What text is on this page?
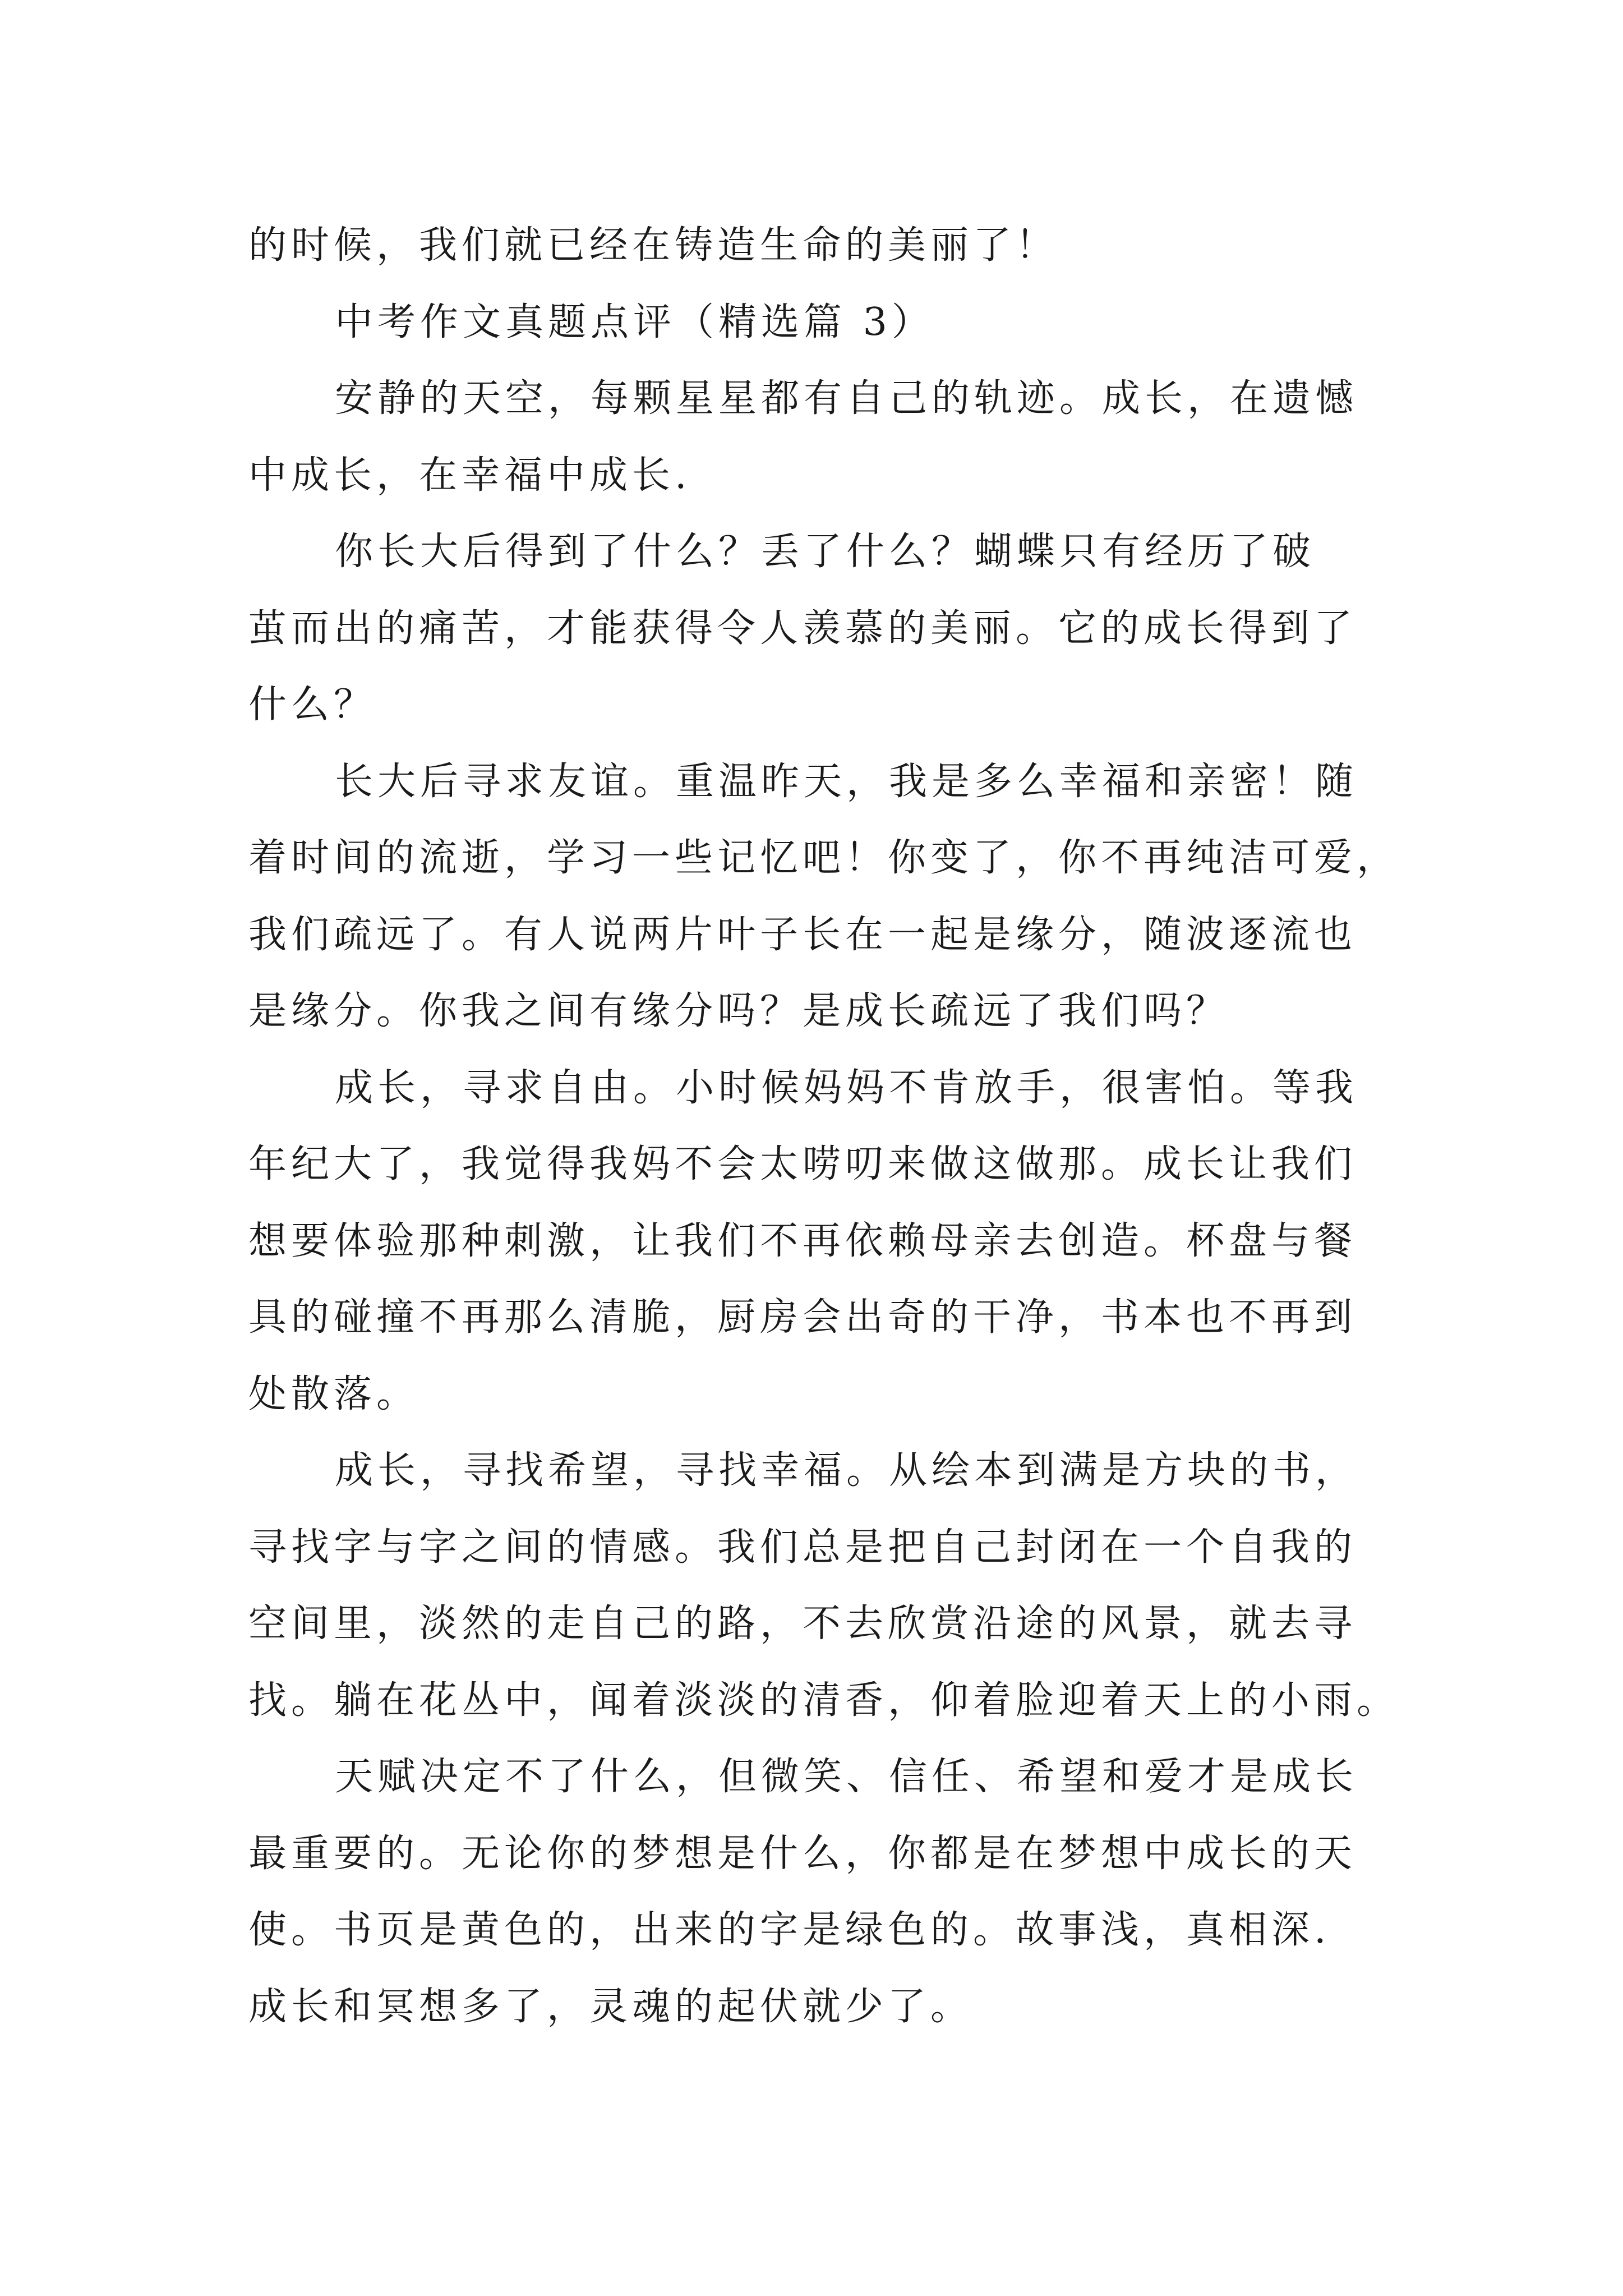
的时候，我们就已经在铸造生命的美丽了！
中考作文真题点评（精选篇 3）
安静的天空，每颗星星都有自己的轨迹。成长，在遗憾
中成长，在幸福中成长.
你长大后得到了什么？丢了什么？蝴蝶只有经历了破
茧而出的痛苦，才能获得令人羡慕的美丽。它的成长得到了
什么？
长大后寻求友谊。重温昨天，我是多么幸福和亲密！随
着时间的流逝，学习一些记忆吧！你变了，你不再纯洁可爱，
我们疏远了。有人说两片叶子长在一起是缘分，随波逐流也
是缘分。你我之间有缘分吗？是成长疏远了我们吗？
成长，寻求自由。小时候妈妈不肯放手，很害怕。等我
年纪大了，我觉得我妈不会太唠叨来做这做那。成长让我们
想要体验那种刺激，让我们不再依赖母亲去创造。杯盘与餐
具的碰撞不再那么清脆，厨房会出奇的干净，书本也不再到
处散落。
成长，寻找希望，寻找幸福。从绘本到满是方块的书，
寻找字与字之间的情感。我们总是把自己封闭在一个自我的
空间里，淡然的走自己的路，不去欣赏沿途的风景，就去寻
找。躺在花丛中，闻着淡淡的清香，仰着脸迎着天上的小雨。
天赋决定不了什么，但微笑、信任、希望和爱才是成长
最重要的。无论你的梦想是什么，你都是在梦想中成长的天
使。书页是黄色的，出来的字是绿色的。故事浅，真相深.
成长和冥想多了，灵魂的起伏就少了。
